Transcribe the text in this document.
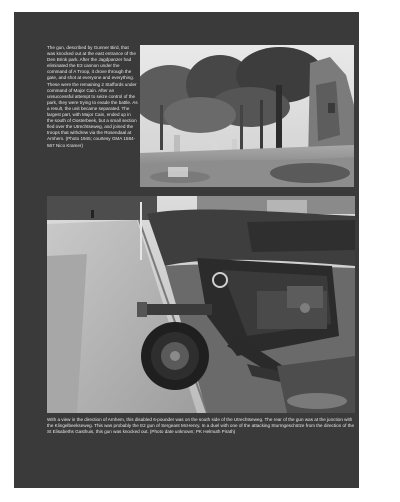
The gun, described by Gunner Bird, that was knocked out at the east entrance of the Den Brink park. After the Jagdpanzer had eliminated the E3 cannon under the command of A Troop, it drove through the gate, and shot at everyone and everything. These were the remaining 2 Staffords under command of Major Cain. After an unsuccessful attempt to seize control of the park, they were trying to evade the battle. As a result, the unit became separated. The largest part, with Major Cain, ended up in the south of Oosterbeek, but a small section fled over the Utrechtseweg, and joined the troops that withdrew via the Rosendaal at Arnhem. (Photo 1945; courtesy GMA 1584-567 Nico Kramer)

With a view in the direction of Arnhem, this disabled 6-pounder was on the south side of the Utrechtseweg. The rear of the gun was at the junction with the Klingelbeekseweg. This was probably the E2 gun of Sergeant McHenry. In a duel with one of the attacking Sturmgeschütze from the direction of the St Elisabeths Gasthuis, this gun was knocked out. (Photo date unknown; PK Helmuth Pirath)
